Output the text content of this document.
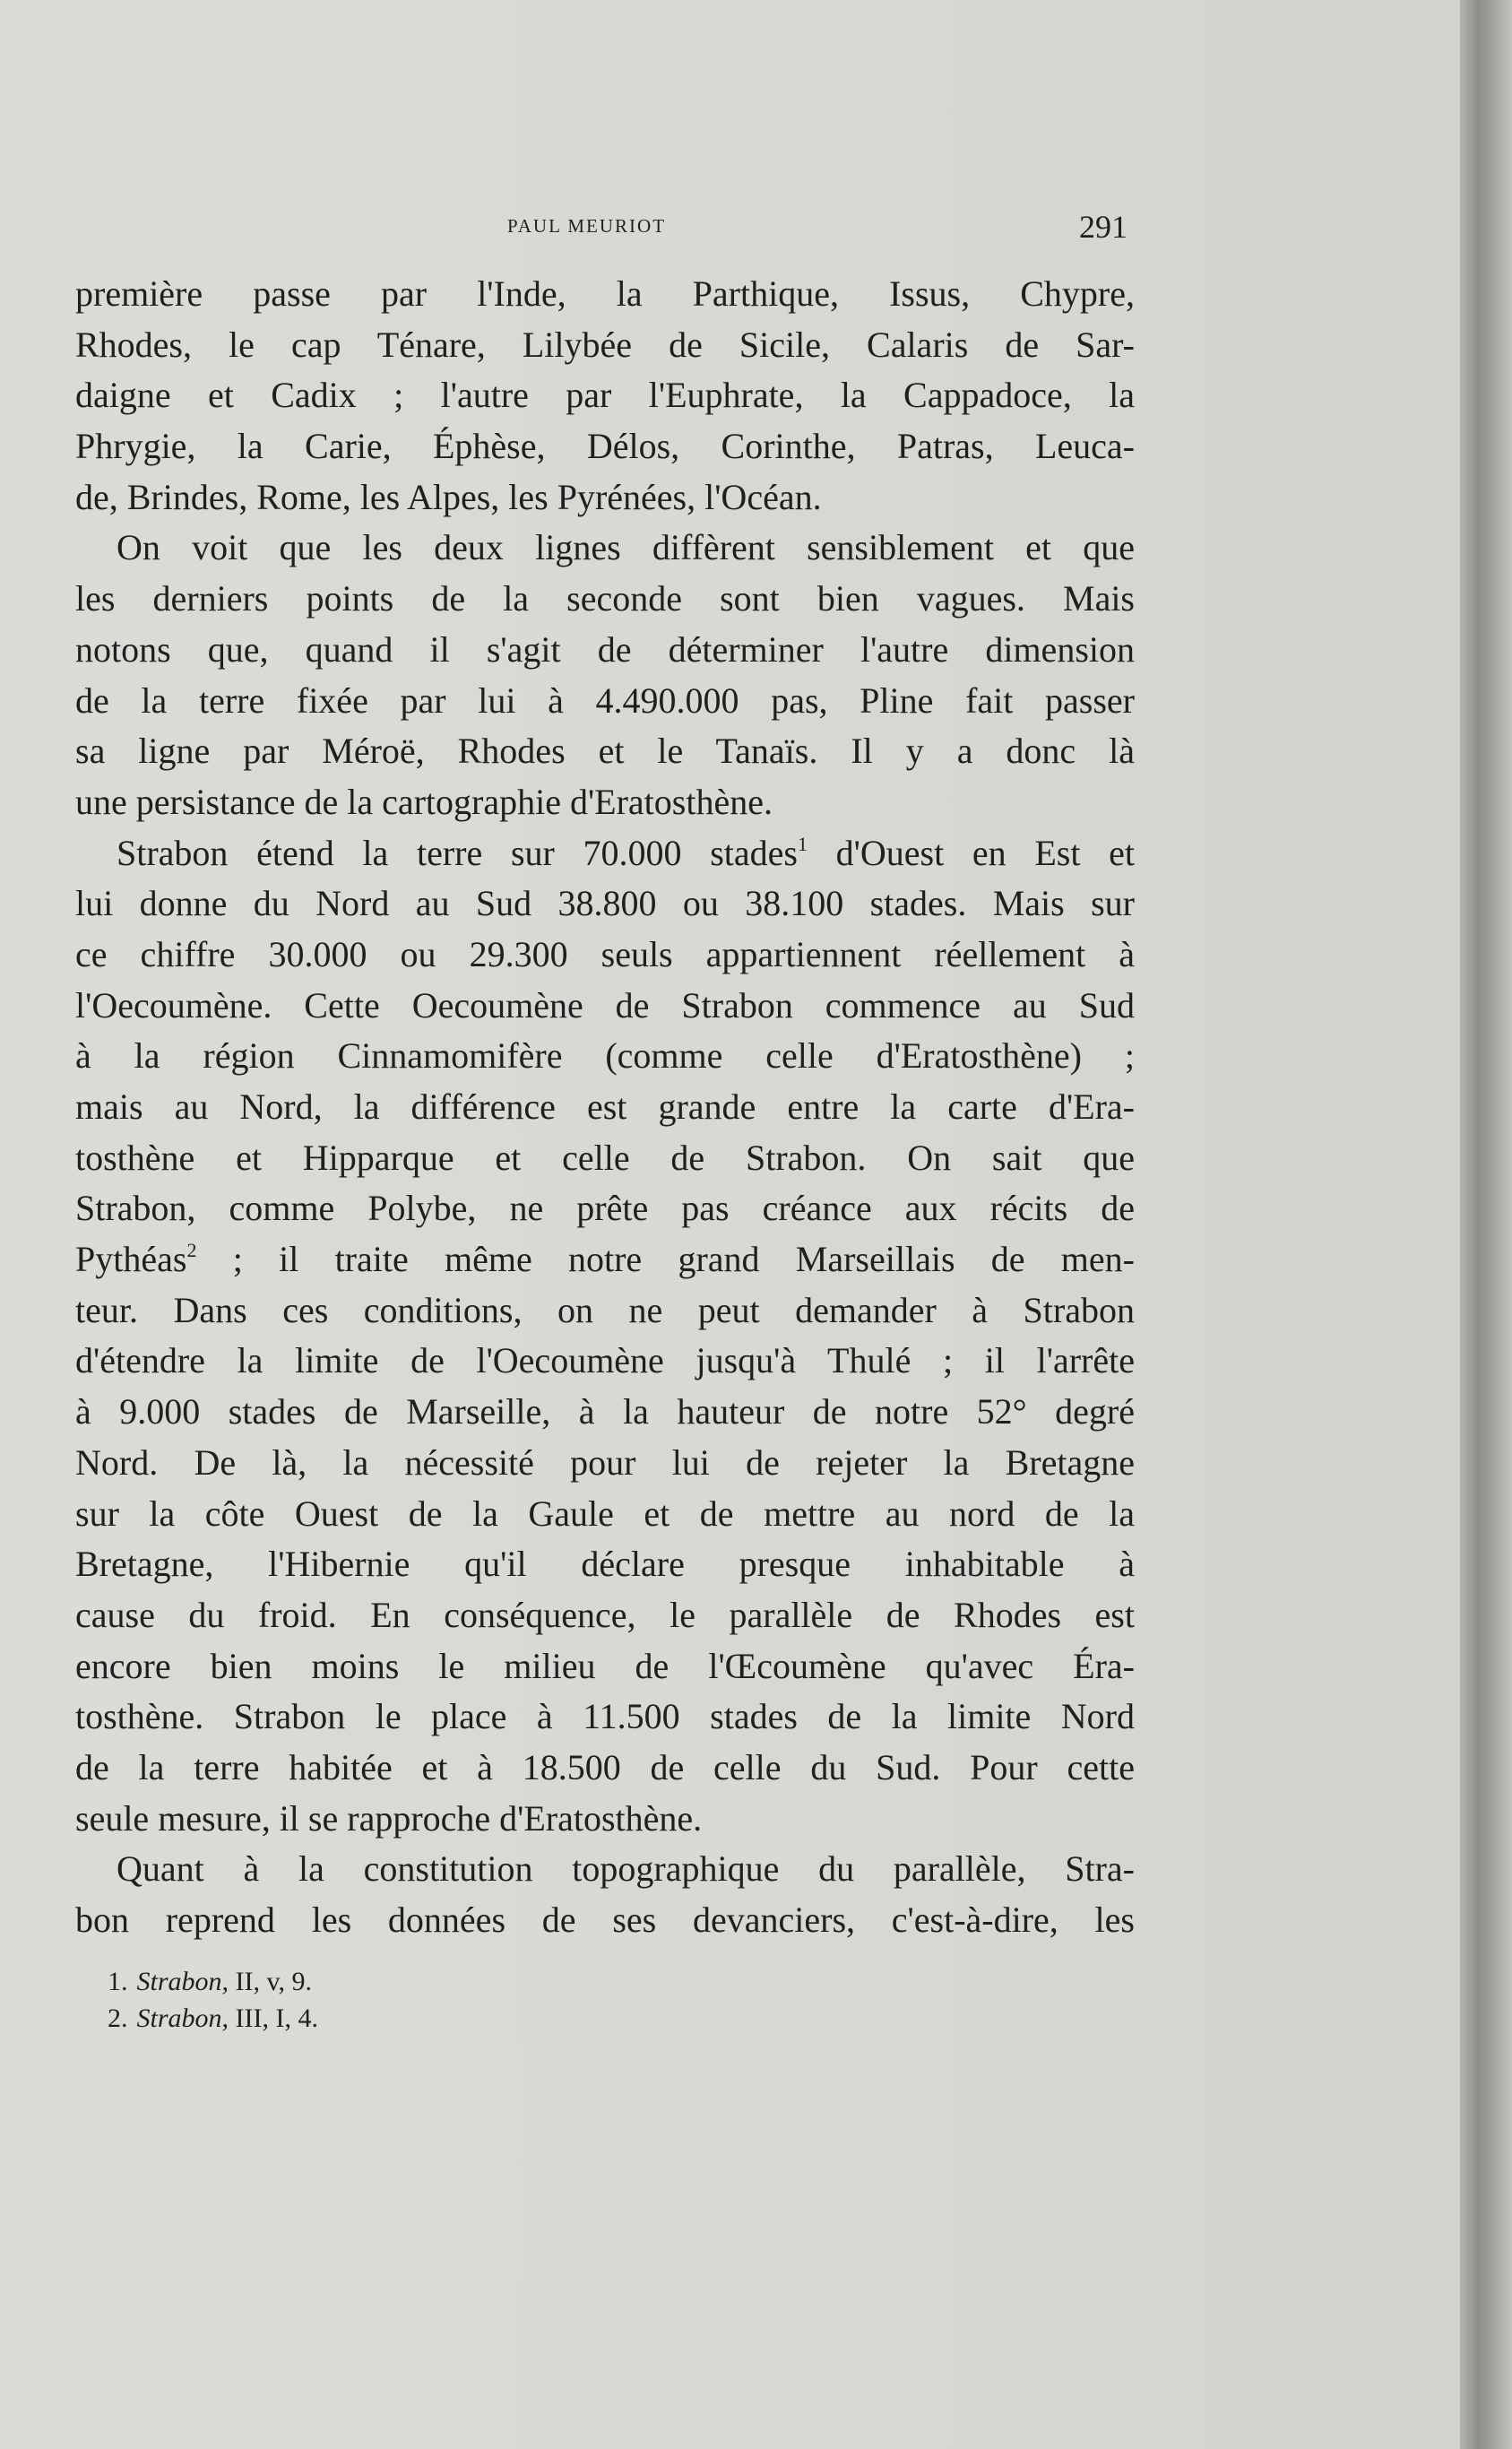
PAUL MEURIOT	291
première passe par l'Inde, la Parthique, Issus, Chypre,
Rhodes, le cap Ténare, Lilybée de Sicile, Calaris de Sar-
daigne et Cadix ; l'autre par l'Euphrate, la Cappadoce, la
Phrygie, la Carie, Éphèse, Délos, Corinthe, Patras, Leuca-
de, Brindes, Rome, les Alpes, les Pyrénées, l'Océan.
On voit que les deux lignes diffèrent sensiblement et que
les derniers points de la seconde sont bien vagues. Mais
notons que, quand il s'agit de déterminer l'autre dimension
de la terre fixée par lui à 4.490.000 pas, Pline fait passer
sa ligne par Méroë, Rhodes et le Tanaïs. Il y a donc là
une persistance de la cartographie d'Eratosthène.
Strabon étend la terre sur 70.000 stades$^1$ d'Ouest en Est et
lui donne du Nord au Sud 38.800 ou 38.100 stades. Mais sur
ce chiffre 30.000 ou 29.300 seuls appartiennent réellement à
l'Oecoumène. Cette Oecoumène de Strabon commence au Sud
à la région Cinnamomifère (comme celle d'Eratosthène) ;
mais au Nord, la différence est grande entre la carte d'Era-
tosthène et Hipparque et celle de Strabon. On sait que
Strabon, comme Polybe, ne prête pas créance aux récits de
Pythéas$^2$ ; il traite même notre grand Marseillais de men-
teur. Dans ces conditions, on ne peut demander à Strabon
d'étendre la limite de l'Oecoumène jusqu'à Thulé ; il l'arrête
à 9.000 stades de Marseille, à la hauteur de notre 52° degré
Nord. De là, la nécessité pour lui de rejeter la Bretagne
sur la côte Ouest de la Gaule et de mettre au nord de la
Bretagne, l'Hibernie qu'il déclare presque inhabitable à
cause du froid. En conséquence, le parallèle de Rhodes est
encore bien moins le milieu de l'Œcoumène qu'avec Éra-
tosthène. Strabon le place à 11.500 stades de la limite Nord
de la terre habitée et à 18.500 de celle du Sud. Pour cette
seule mesure, il se rapproche d'Eratosthène.
Quant à la constitution topographique du parallèle, Stra-
bon reprend les données de ses devanciers, c'est-à-dire, les
1. Strabon, II, v, 9.
2. Strabon, III, I, 4.
